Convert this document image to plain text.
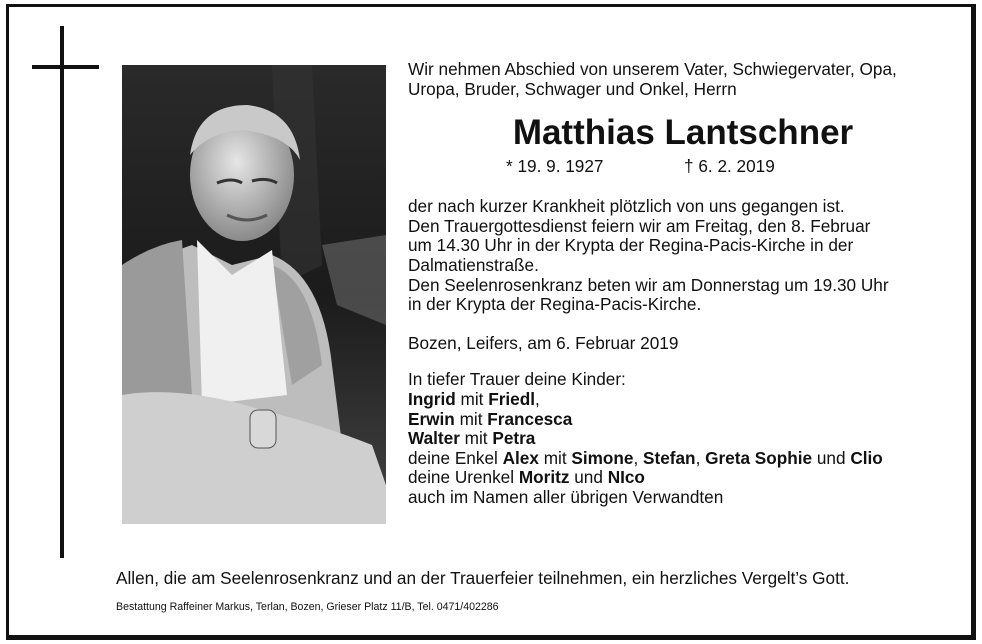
Wir nehmen Abschied von unserem Vater, Schwiegervater, Opa,

Uropa, Bruder, Schwager und Onkel, Herrn

Matthias Lantschner

* 19. 9. 1927	† 6. 2. 2019

der nach kurzer Krankheit plötzlich von uns gegangen ist.

Den Trauergottesdienst feiern wir am Freitag, den 8. Februar

um 14.30 Uhr in der Krypta der Regina-Pacis-Kirche in der

Dalmatienstraße.

Den Seelenrosenkranz beten wir am Donnerstag um 19.30 Uhr

in der Krypta der Regina-Pacis-Kirche.

Bozen, Leifers, am 6. Februar 2019

In tiefer Trauer deine Kinder:

Ingrid mit Friedl,

Erwin mit Francesca

Walter mit Petra

deine Enkel Alex mit Simone, Stefan, Greta Sophie und Clio

deine Urenkel Moritz und NIco

auch im Namen aller übrigen Verwandten

Allen, die am Seelenrosenkranz und an der Trauerfeier teilnehmen, ein herzliches Vergelt’s Gott.
Bestattung Raffeiner Markus, Terlan, Bozen, Grieser Platz 11/B, Tel. 0471/402286
